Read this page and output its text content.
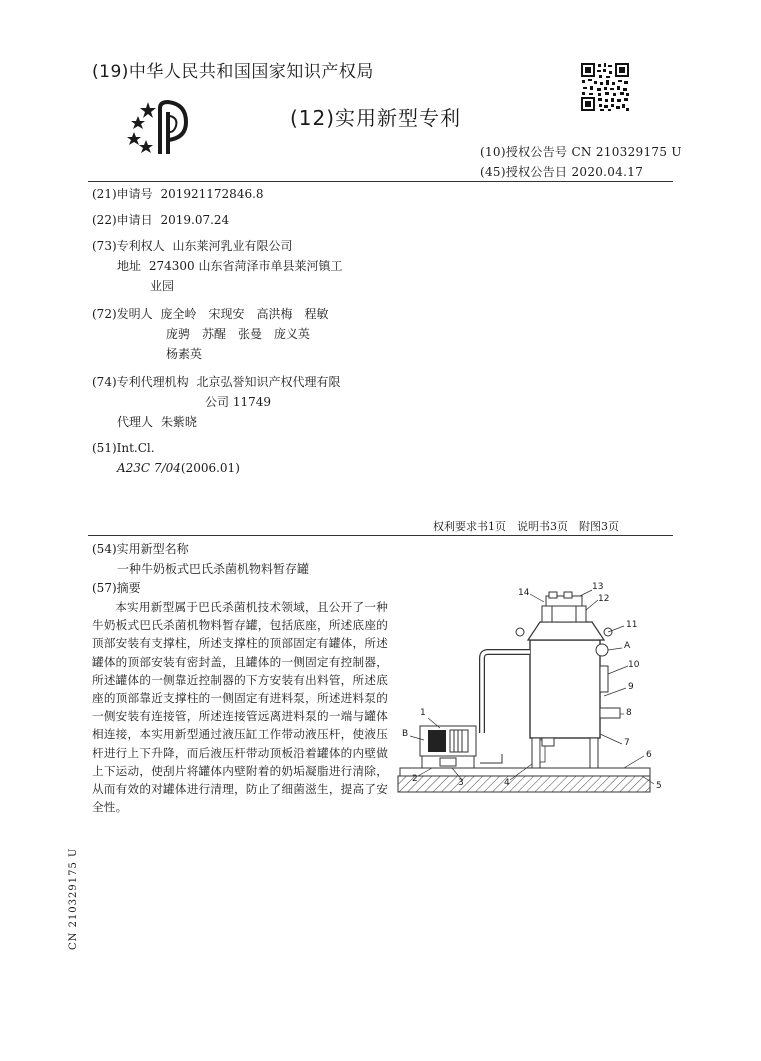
(19)中华人民共和国国家知识产权局
(12)实用新型专利
(10)授权公告号 CN 210329175 U
(45)授权公告日 2020.04.17
(21)申请号 201921172846.8
(22)申请日 2019.07.24
(73)专利权人 山东莱河乳业有限公司
地址 274300 山东省菏泽市单县莱河镇工
业园
(72)发明人 庞全岭　宋现安　高洪梅　程敏
庞骋　苏醒　张曼　庞义英
杨素英
(74)专利代理机构 北京弘誉知识产权代理有限
公司 11749
代理人 朱紫晓
(51)Int.Cl.
A23C 7/04(2006.01)
权利要求书1页　说明书3页　附图3页
(54)实用新型名称
一种牛奶板式巴氏杀菌机物料暂存罐
(57)摘要

本实用新型属于巴氏杀菌机技术领域，且公开了一种牛奶板式巴氏杀菌机物料暂存罐，包括底座，所述底座的顶部安装有支撑柱，所述支撑柱的顶部固定有罐体，所述罐体的顶部安装有密封盖，且罐体的一侧固定有控制器，所述罐体的一侧靠近控制器的下方安装有出料管，所述底座的顶部靠近支撑柱的一侧固定有进料泵，所述进料泵的一侧安装有连接管，所述连接管远离进料泵的一端与罐体相连接，本实用新型通过液压缸工作带动液压杆，使液压杆进行上下升降，而后液压杆带动顶板沿着罐体的内壁做上下运动，使刮片将罐体内壁附着的奶垢凝脂进行清除，从而有效的对罐体进行清理，防止了细菌滋生，提高了安全性。

CN 210329175 U
1
B
2	3	4	5
6
7
8
9
10
A
11
12
13
14
